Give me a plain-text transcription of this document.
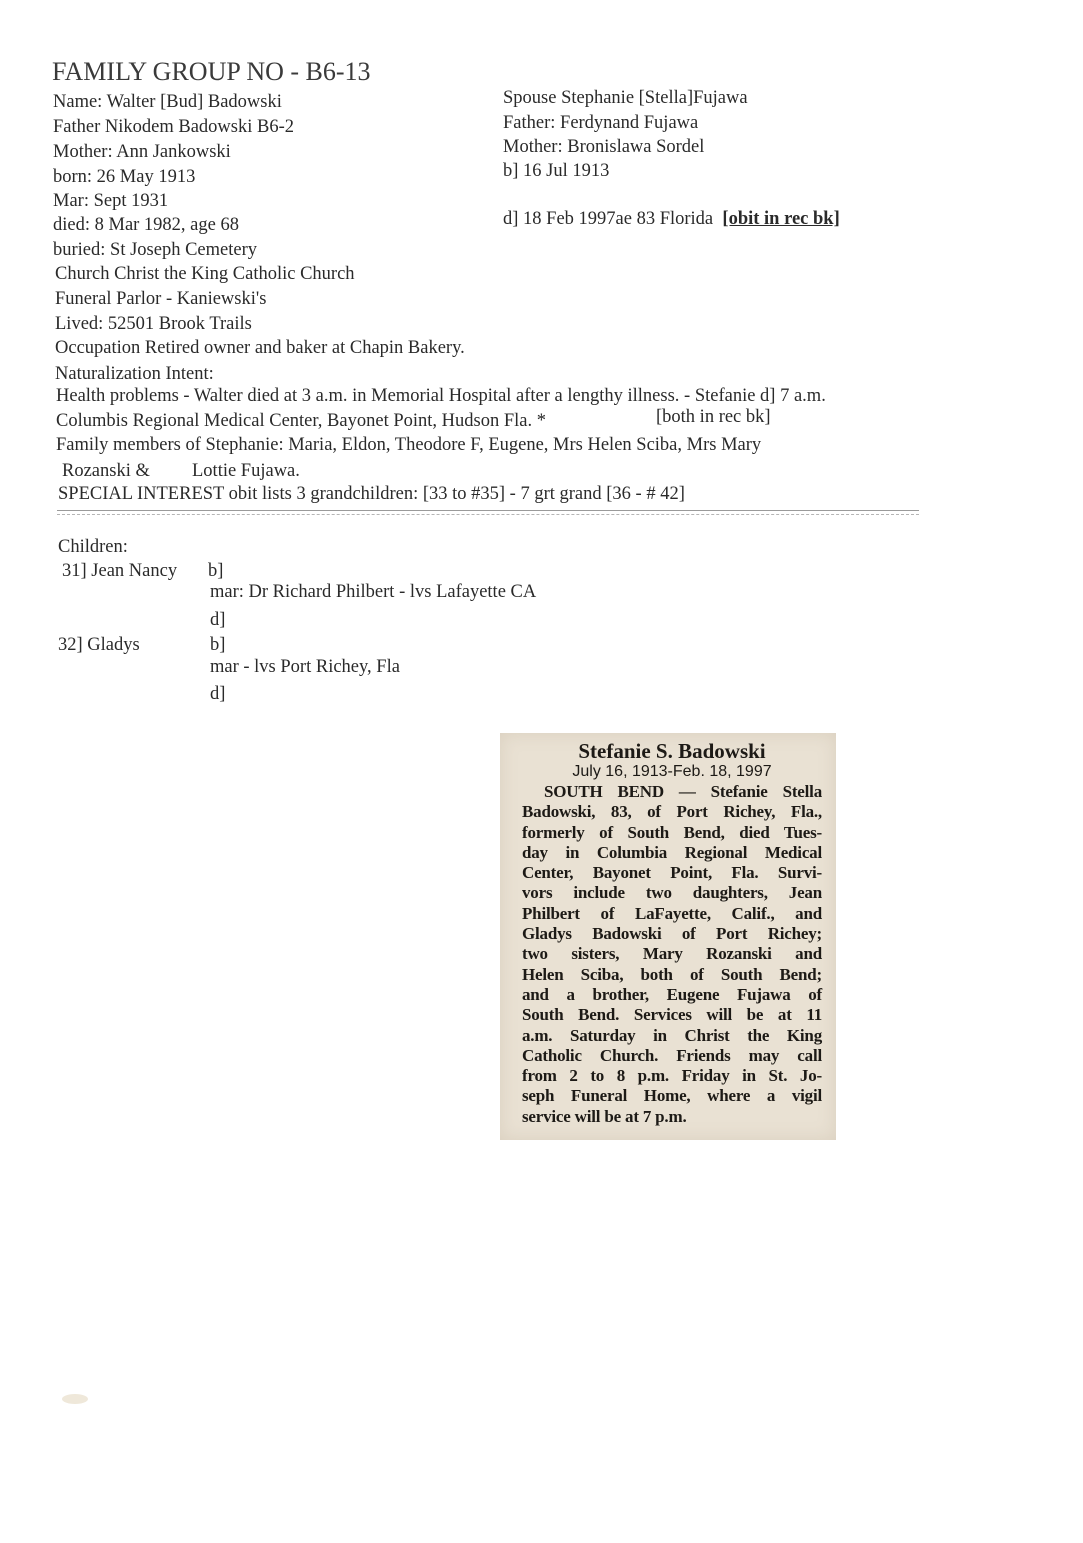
FAMILY GROUP NO - B6-13
Name: Walter [Bud] Badowski
Father Nikodem Badowski B6-2
Mother: Ann Jankowski
born: 26 May 1913
Mar: Sept 1931
died: 8 Mar 1982, age 68
buried: St Joseph Cemetery
Church Christ the King Catholic Church
Funeral Parlor - Kaniewski's
Lived: 52501 Brook Trails
Occupation Retired owner and baker at Chapin Bakery.
Naturalization Intent:
Spouse Stephanie [Stella]Fujawa
Father: Ferdynand Fujawa
Mother: Bronislawa Sordel
b] 16 Jul 1913
d] 18 Feb 1997ae 83 Florida [obit in rec bk]
Health problems - Walter died at 3 a.m. in Memorial Hospital after a lengthy illness. - Stefanie d] 7 a.m.
Columbis Regional Medical Center, Bayonet Point, Hudson Fla. *	[both in rec bk]
Family members of Stephanie: Maria, Eldon, Theodore F, Eugene, Mrs Helen Sciba, Mrs Mary
Rozanski & Lottie Fujawa.
SPECIAL INTEREST obit lists 3 grandchildren: [33 to #35] - 7 grt grand [36 - # 42]
Children:
31] Jean Nancy b]
mar: Dr Richard Philbert - lvs Lafayette CA
d]
32] Gladys	b]
mar - lvs Port Richey, Fla
d]
Stefanie S. Badowski
July 16, 1913-Feb. 18, 1997
SOUTH BEND — Stefanie Stella
Badowski, 83, of Port Richey, Fla.,
formerly of South Bend, died Tues-
day in Columbia Regional Medical
Center, Bayonet Point, Fla. Survi-
vors include two daughters, Jean
Philbert of LaFayette, Calif., and
Gladys Badowski of Port Richey;
two sisters, Mary Rozanski and
Helen Sciba, both of South Bend;
and a brother, Eugene Fujawa of
South Bend. Services will be at 11
a.m. Saturday in Christ the King
Catholic Church. Friends may call
from 2 to 8 p.m. Friday in St. Jo-
seph Funeral Home, where a vigil
service will be at 7 p.m.
